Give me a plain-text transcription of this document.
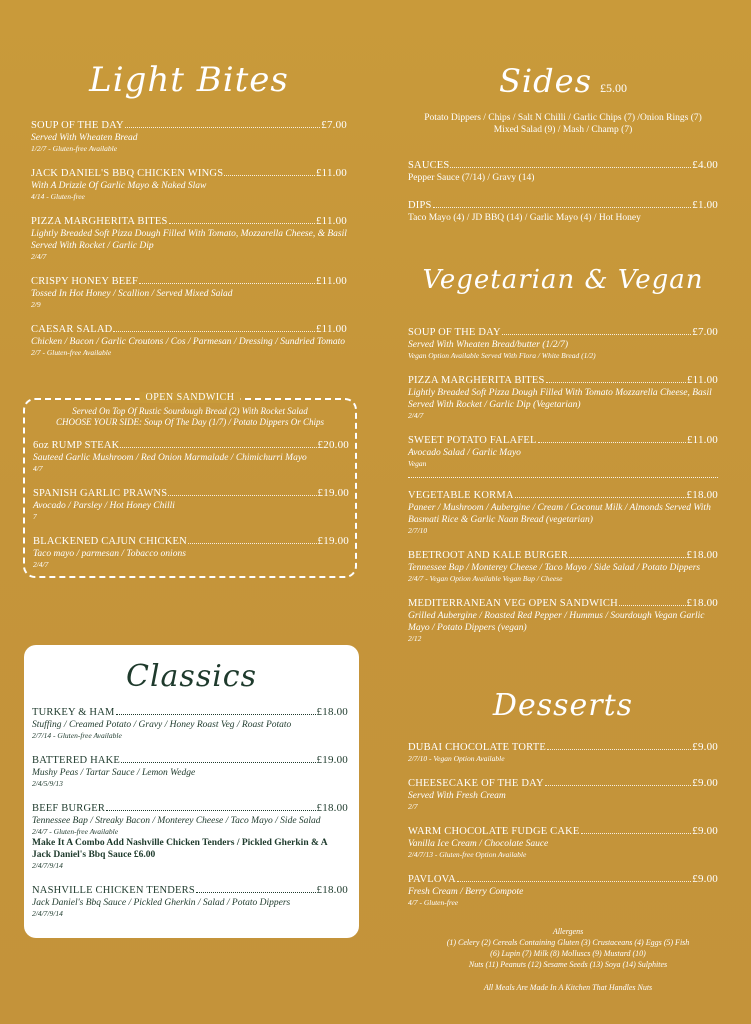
Light Bites
SOUP OF THE DAY	£7.00
Served With Wheaten Bread
1/2/7 - Gluten-free Available
JACK DANIEL'S BBQ CHICKEN WINGS	£11.00
With A Drizzle Of Garlic Mayo & Naked Slaw
4/14 - Gluten-free
PIZZA MARGHERITA BITES	£11.00
Lightly Breaded Soft Pizza Dough Filled With Tomato, Mozzarella Cheese, & Basil Served With Rocket / Garlic Dip
2/4/7
CRISPY HONEY BEEF	£11.00
Tossed In Hot Honey / Scallion / Served Mixed Salad
2/9
CAESAR SALAD	£11.00
Chicken / Bacon / Garlic Croutons / Cos / Parmesan / Dressing / Sundried Tomato
2/7 - Gluten-free Available
OPEN SANDWICH
Served On Top Of Rustic Sourdough Bread (2) With Rocket Salad
CHOOSE YOUR SIDE: Soup Of The Day (1/7) / Potato Dippers Or Chips
6oz RUMP STEAK	£20.00
Sauteed Garlic Mushroom / Red Onion Marmalade / Chimichurri Mayo
4/7
SPANISH GARLIC PRAWNS	£19.00
Avocado / Parsley / Hot Honey Chilli
7
BLACKENED CAJUN CHICKEN	£19.00
Taco mayo / parmesan / Tobacco onions
2/4/7
Classics
TURKEY & HAM	£18.00
Stuffing / Creamed Potato / Gravy / Honey Roast Veg / Roast Potato
2/7/14 - Gluten-free Available
BATTERED HAKE	£19.00
Mushy Peas / Tartar Sauce / Lemon Wedge
2/4/5/9/13
BEEF BURGER	£18.00
Tennessee Bap / Streaky Bacon / Monterey Cheese / Taco Mayo / Side Salad
2/4/7 - Gluten-free Available
Make It A Combo Add Nashville Chicken Tenders / Pickled Gherkin & A Jack Daniel's Bbq Sauce £6.00
2/4/7/9/14
NASHVILLE CHICKEN TENDERS	£18.00
Jack Daniel's Bbq Sauce / Pickled Gherkin / Salad / Potato Dippers
2/4/7/9/14
Sides £5.00
Potato Dippers / Chips / Salt N Chilli / Garlic Chips (7) /Onion Rings (7)
Mixed Salad (9) / Mash / Champ (7)
SAUCES	£4.00
Pepper Sauce (7/14) / Gravy (14)
DIPS	£1.00
Taco Mayo (4) / JD BBQ (14) / Garlic Mayo (4) / Hot Honey
Vegetarian & Vegan
SOUP OF THE DAY	£7.00
Served With Wheaten Bread/butter (1/2/7)
Vegan Option Available Served With Flora / White Bread (1/2)
PIZZA MARGHERITA BITES	£11.00
Lightly Breaded Soft Pizza Dough Filled With Tomato Mozzarella Cheese, Basil Served With Rocket / Garlic Dip (Vegetarian)
2/4/7
SWEET POTATO FALAFEL	£11.00
Avocado Salad / Garlic Mayo
Vegan
VEGETABLE KORMA	£18.00
Paneer / Mushroom / Aubergine / Cream / Coconut Milk / Almonds Served With Basmati Rice & Garlic Naan Bread (vegetarian)
2/7/10
BEETROOT AND KALE BURGER	£18.00
Tennessee Bap / Monterey Cheese / Taco Mayo / Side Salad / Potato Dippers
2/4/7 - Vegan Option Available Vegan Bap / Cheese
MEDITERRANEAN VEG OPEN SANDWICH	£18.00
Grilled Aubergine / Roasted Red Pepper / Hummus / Sourdough Vegan Garlic Mayo / Potato Dippers (vegan)
2/12
Desserts
DUBAI CHOCOLATE TORTE	£9.00
2/7/10 - Vegan Option Available
CHEESECAKE OF THE DAY	£9.00
Served With Fresh Cream
2/7
WARM CHOCOLATE FUDGE CAKE	£9.00
Vanilla Ice Cream / Chocolate Sauce
2/4/7/13 - Gluten-free Option Available
PAVLOVA	£9.00
Fresh Cream / Berry Compote
4/7 - Gluten-free
Allergens
(1) Celery (2) Cereals Containing Gluten (3) Crustaceans (4) Eggs (5) Fish
(6) Lupin (7) Milk (8) Molluscs (9) Mustard (10)
Nuts (11) Peanuts (12) Sesame Seeds (13) Soya (14) Sulphites
All Meals Are Made In A Kitchen That Handles Nuts
